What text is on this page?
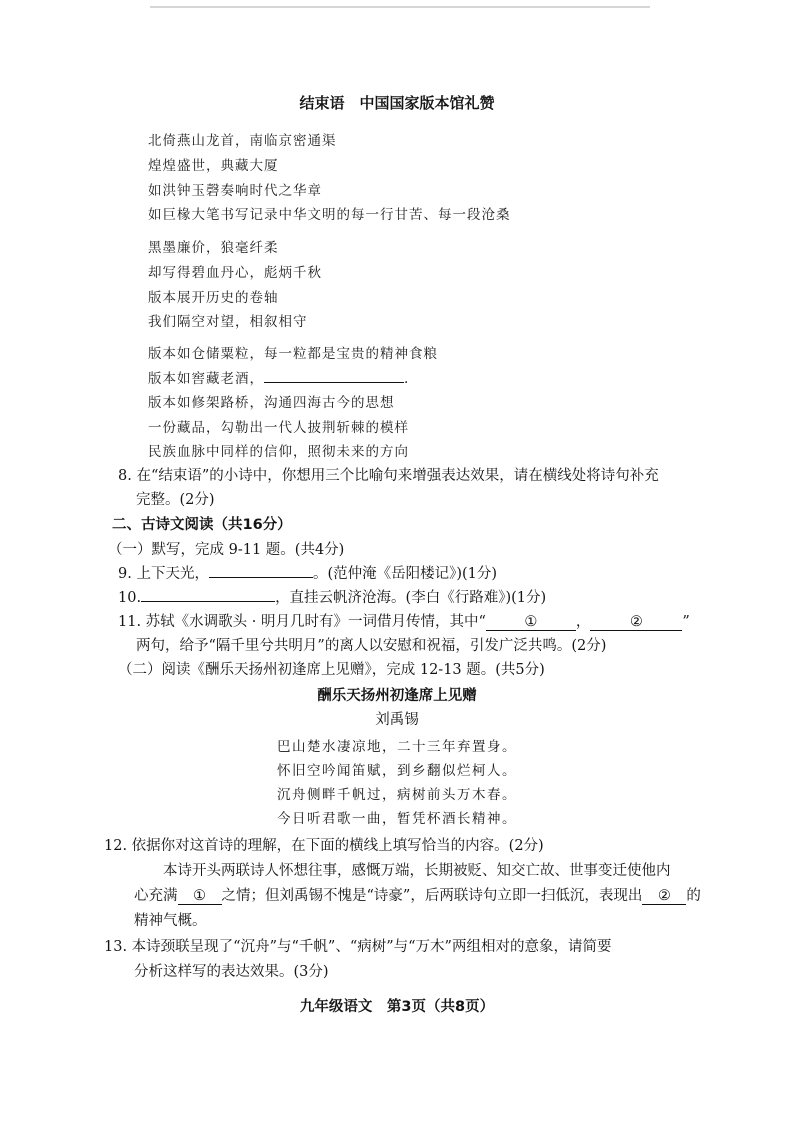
结束语　中国国家版本馆礼赞
北倚燕山龙首，南临京密通渠
煌煌盛世，典藏大厦
如洪钟玉磬奏响时代之华章
如巨椽大笔书写记录中华文明的每一行甘苦、每一段沧桑
黑墨廉价，狼毫纤柔
却写得碧血丹心，彪炳千秋
版本展开历史的卷轴
我们隔空对望，相叙相守
版本如仓储粟粒，每一粒都是宝贵的精神食粮
版本如窖藏老酒，	.
版本如修架路桥，沟通四海古今的思想
一份藏品，勾勒出一代人披荆斩棘的模样
民族血脉中同样的信仰，照彻未来的方向
8. 在“结束语”的小诗中，你想用三个比喻句来增强表达效果，请在横线处将诗句补充
完整。(2分)
二、古诗文阅读（共16分）
（一）默写，完成 9-11 题。(共4分)
9. 上下天光，	。(范仲淹《岳阳楼记》)(1分)
10.	，直挂云帆济沧海。(李白《行路难》)(1分)
11. 苏轼《水调歌头 · 明月几时有》一词借月传情，其中“	①	，	②	”
两句，给予“隔千里兮共明月”的离人以安慰和祝福，引发广泛共鸣。(2分)
（二）阅读《酬乐天扬州初逢席上见赠》，完成 12-13 题。(共5分)
酬乐天扬州初逢席上见赠
刘禹锡
巴山楚水凄凉地，二十三年弃置身。
怀旧空吟闻笛赋，到乡翻似烂柯人。
沉舟侧畔千帆过，病树前头万木春。
今日听君歌一曲，暂凭杯酒长精神。
12. 依据你对这首诗的理解，在下面的横线上填写恰当的内容。(2分)
本诗开头两联诗人怀想往事，感慨万端，长期被贬、知交亡故、世事变迁使他内
心充满 ① 之情；但刘禹锡不愧是“诗豪”，后两联诗句立即一扫低沉，表现出 ② 的
精神气概。
13. 本诗颈联呈现了“沉舟”与“千帆”、“病树”与“万木”两组相对的意象，请简要
分析这样写的表达效果。(3分)
九年级语文　第3页（共8页）
